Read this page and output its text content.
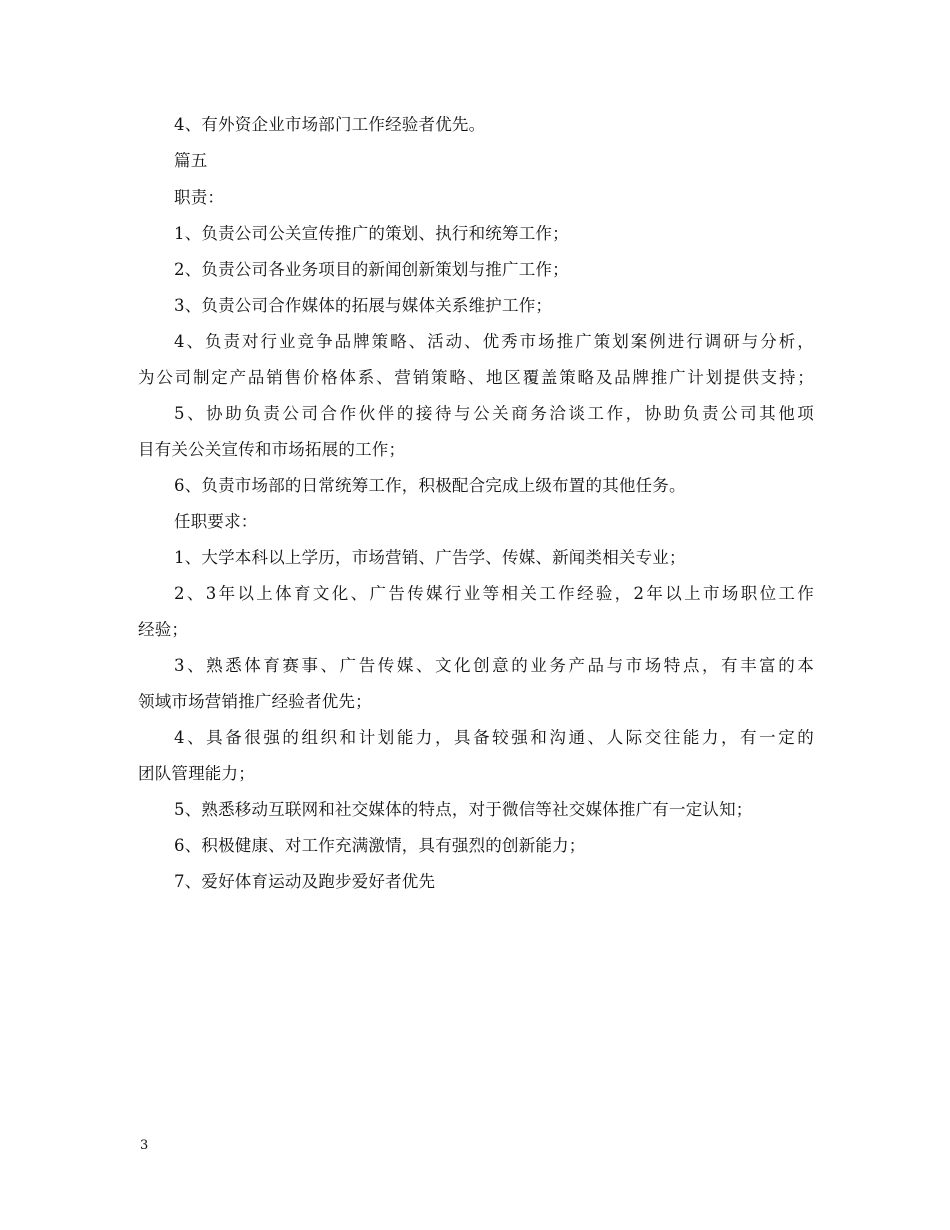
4、有外资企业市场部门工作经验者优先。
篇五
职责：
1、负责公司公关宣传推广的策划、执行和统筹工作；
2、负责公司各业务项目的新闻创新策划与推广工作；
3、负责公司合作媒体的拓展与媒体关系维护工作；
4、负责对行业竞争品牌策略、活动、优秀市场推广策划案例进行调研与分析，
为公司制定产品销售价格体系、营销策略、地区覆盖策略及品牌推广计划提供支持；
5、协助负责公司合作伙伴的接待与公关商务洽谈工作，协助负责公司其他项
目有关公关宣传和市场拓展的工作；
6、负责市场部的日常统筹工作，积极配合完成上级布置的其他任务。
任职要求：
1、大学本科以上学历，市场营销、广告学、传媒、新闻类相关专业；
2、3年以上体育文化、广告传媒行业等相关工作经验，2年以上市场职位工作
经验；
3、熟悉体育赛事、广告传媒、文化创意的业务产品与市场特点，有丰富的本
领域市场营销推广经验者优先；
4、具备很强的组织和计划能力，具备较强和沟通、人际交往能力，有一定的
团队管理能力；
5、熟悉移动互联网和社交媒体的特点，对于微信等社交媒体推广有一定认知；
6、积极健康、对工作充满激情，具有强烈的创新能力；
7、爱好体育运动及跑步爱好者优先
3
